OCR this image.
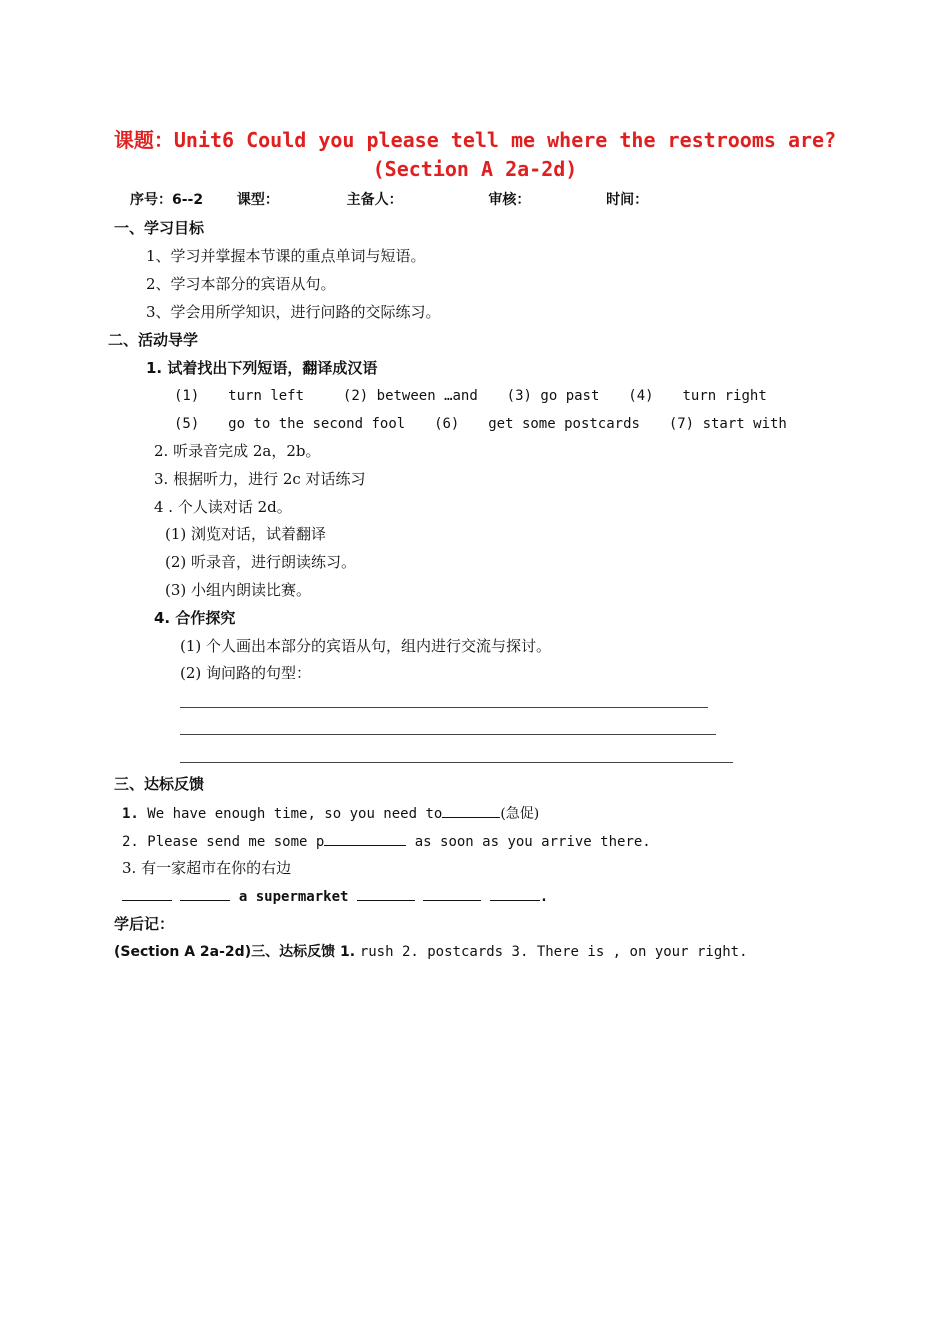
课题：Unit6 Could you please tell me where the restrooms are?
(Section A 2a-2d)
序号：6--2 课型：	主备人：	审核：	时间：
一、学习目标
1、学习并掌握本节课的重点单词与短语。
2、学习本部分的宾语从句。
3、学会用所学知识，进行问路的交际练习。
二、活动导学
1. 试着找出下列短语，翻译成汉语
(1) turn left	(2) between …and (3) go past (4) turn right
(5) go to the second fool (6) get some postcards (7) start with
2. 听录音完成 2a，2b。
3. 根据听力，进行 2c 对话练习
4 . 个人读对话 2d。
(1) 浏览对话，试着翻译
(2) 听录音，进行朗读练习。
(3) 小组内朗读比赛。
4. 合作探究
(1) 个人画出本部分的宾语从句，组内进行交流与探讨。
(2) 询问路的句型：
三、达标反馈
1. We have enough time, so you need to	(急促)
2. Please send me some p	as soon as you arrive there.
3. 有一家超市在你的右边
a supermarket	.
学后记：
(Section A 2a-2d)三、达标反馈 1. rush 2. postcards 3. There is , on your right.
